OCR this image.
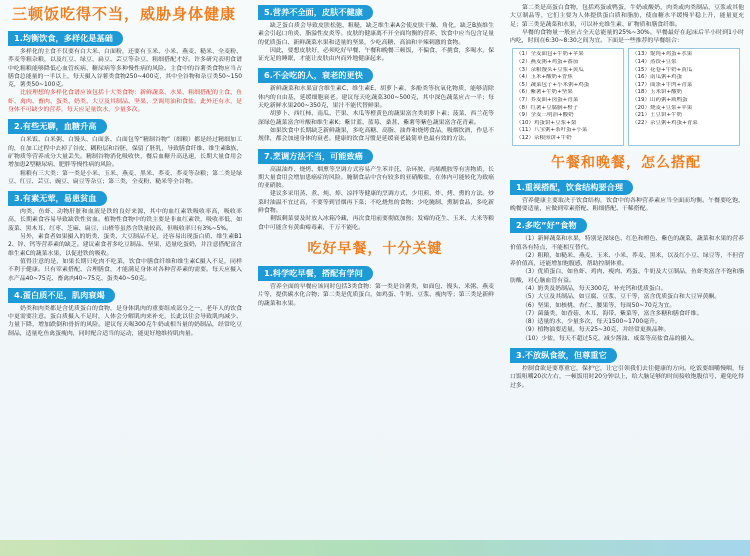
三顿饭吃得不当，威胁身体健康
1.均衡饮食，多样化是基础
多样化的主食不仅要有白大米、白面粉，还要有玉米、小米、燕麦、糙米、全麦粉、荞麦等粗杂粮，以及红豆、绿豆、扁豆、芸豆等杂豆，粗细搭配才好。许多研究表明食谱中吃粗粮能够降低心血管疾病、糖尿病等多种慢性病的风险。主食中的谷薯类食物应当占膳食总能量的一半以上，每天摄入谷薯类食物250~400克，其中全谷物和杂豆类50~150克，薯类50~100克。
比较理想的多样化食谱应该包括十大类食物：新鲜蔬菜、水果、粗细搭配的主食、鱼虾、禽肉、畜肉、蛋类、奶类、大豆及其制品、坚果、烹调用油和食盐。此外还有水，是身体不可缺少的营养，每天应足量饮水，少量多次。
2.有些无聊，血糖升高
白米饭、白米粥、白馒头、白面条、白面包等“精制谷物”（细粮）都是经过精细加工的，在加工过程中去掉了谷皮、糊粉层和谷胚，保留了胚乳，导致膳食纤维、维生素B族、矿物质等营养成分大量丢失。精制谷物消化吸收快，餐后血糖升高迅速，长期大量食用会增加患2型糖尿病、肥胖等慢性病的风险。
粗粮有三大类：第一类是小米、玉米、燕麦、黑米、荞麦、荞麦等杂粮；第二类是绿豆、红豆、芸豆、豌豆、扁豆等杂豆；第三类，全麦粉、糙米等全谷物。
3.有素无荤，易患贫血
肉类、鱼虾、动物肝脏和血液是铁的良好来源，其中的血红素铁吸收率高，吸收率高，长期素食容易导致缺铁性贫血。植物性食物中的铁主要是非血红素铁，吸收率低，如菠菜、黑木耳、红枣、芝麻、扁豆、山楂等虽然含铁量较高，但吸收率只有3%~5%。
另外，素食者如果摄入的奶类、蛋类、大豆制品不足，还容易出现蛋白质、维生素B12、锌、钙等营养素的缺乏。建议素食者多吃豆制品、坚果，适量吃蛋奶，并注意搭配富含维生素C的蔬菜水果，以促进铁的吸收。
值得注意的是，如果长期只吃肉不吃菜，饮食中膳食纤维和维生素C摄入不足，同样不利于健康。只有荤素搭配、合理膳食，才能满足身体对各种营养素的需要。每天应摄入水产品40~75克、畜禽肉40~75克、蛋类40~50克。
4.蛋白质不足，肌肉衰竭
奶类和肉类都是含优质蛋白的食物，是身体肌肉的重要组成部分之一，老年人的饮食中更需要注意。蛋白质摄入不足时，人体会分解肌肉来补充，长此以往会导致肌肉减少、力量下降，增加跌倒和骨折的风险。建议每天喝300克牛奶或相当量的奶制品，经常吃豆制品，适量吃鱼禽蛋瘦肉，同时配合适当的运动，能更好地维持肌肉量。
5.营养不全面，皮肤不健康
缺乏蛋白质会导致皮肤松弛、粗糙，缺乏维生素A会使皮肤干燥、角化，缺乏B族维生素会引起口角炎、脂溢性皮炎等。皮肤的健康离不开全面均衡的营养，饮食中应当包含足量的优质蛋白、新鲜蔬菜水果和适量的坚果，少吃高糖、高油和辛辣刺激的食物。
因此，要想皮肤好，必须吃好早餐、午餐和晚餐三顿饭，不偏食、不挑食，多喝水，保证充足的睡眠，才能让皮肤由内而外地健康起来。
6.不会吃的人，衰老的更快
新鲜蔬菜和水果富含维生素C、维生素E、胡萝卜素、多酚类等抗氧化物质，能够清除体内的自由基，延缓细胞衰老。建议每天吃蔬菜300~500克，其中深色蔬菜应占一半；每天吃新鲜水果200~350克，果汁不能代替鲜果。
胡萝卜、西红柿、南瓜、芒果、木瓜等橙黄色的蔬果富含类胡萝卜素；菠菜、西兰花等深绿色蔬菜富含叶酸和维生素K；紫甘蓝、蓝莓、桑葚、紫薯等紫色蔬果富含花青素。
如果饮食中长期缺乏新鲜蔬果，多吃高糖、高脂、油炸和烧烤食品，吸烟饮酒，作息不规律，都会加速身体的衰老。健康的饮食习惯是延缓衰老最简单也最有效的方法。
7.烹调方法不当，可能致癌
高温油炸、烧烤、烟熏等烹调方式容易产生苯并芘、杂环胺、丙烯酰胺等有害物质，长期大量食用会增加患癌症的风险。腌制食品中含有较多的亚硝酸盐，在体内可能转化为致癌的亚硝胺。
建议多采用蒸、煮、炖、焯、凉拌等健康的烹调方式，少用煎、炸、烤、熏的方法。炒菜时油温不宜过高，不要等到冒烟再下菜；不吃烧焦的食物；少吃腌制、熏制食品，多吃新鲜食物。
剩饭剩菜要及时放入冰箱冷藏，再次食用前要彻底加热；发霉的花生、玉米、大米等粮食中可能含有黄曲霉毒素，千万不能吃。
吃好早餐，十分关键
1.科学吃早餐，搭配有学问
营养全面的早餐应该同时包括3类食物：第一类是谷薯类，如面包、馒头、米粥、燕麦片等，提供碳水化合物；第二类是优质蛋白，如鸡蛋、牛奶、豆浆、瘦肉等；第三类是新鲜的蔬菜和水果。
第二类是高蛋白食物，包括鸡蛋或鸭蛋，牛奶或酸奶，肉类或肉类制品，豆浆或其他大豆制品等，它们主要为人体提供蛋白质和脂肪，使血糖水平缓慢平稳上升，能量更充足；第三类是蔬菜和水果，可以补充维生素、矿物质和膳食纤维。
早餐的食物量一般应占全天总能量的25%~30%。早餐最好在起床后半小时到1小时内吃，时间在6:30~8:30之间为宜。下面是一些推荐的早餐组合：
（1）全麦面包+牛奶+苹果
（2）燕麦粥+鸡蛋+番茄
（3）杂粮馒头+豆浆+黄瓜
（4）玉米+酸奶+香蕉
（5）蔬菜包子+小米粥+鸡蛋
（6）紫薯+牛奶+坚果
（7）荞麦面+卤蛋+青菜
（8）红薯+豆腐脑+橙子
（9）全麦三明治+酸奶
（10）鸡蛋饼+豆浆+梨
（11）八宝粥+茶叶蛋+小菜
（12）杂粮煎饼+牛奶
（13）馄饨+鸡蛋+水果
（14）蒸饺+豆浆
（15）花卷+牛奶+黄瓜
（16）南瓜粥+鸡蛋
（17）面条+牛肉+青菜
（18）玉米饼+酸奶
（19）山药粥+咸鸭蛋
（20）烧麦+豆浆+苹果
（21）土豆饼+牛奶
（22）杂豆粥+鸡蛋+青菜
午餐和晚餐，怎么搭配
1.重视搭配，饮食结构要合理
营养健康主要取决于饮食结构，饮食中的各种营养素应当全面而均衡。午餐要吃饱，晚餐要适量，应做到荤素搭配、粗细搭配、干稀搭配。
2.多吃“好”食物
（1）新鲜蔬菜和水果，特别是深绿色、红色和橙色、紫色的蔬菜，蔬菜和水果的营养价值各有特点，不能相互替代。
（2）粗粮，如糙米、燕麦、玉米、小米、荞麦、黑米，以及红小豆、绿豆等，不但营养价值高，还能增加饱腹感，帮助控制体重。
（3）优质蛋白，如鱼虾、鸡肉、瘦肉、鸡蛋、牛奶及大豆制品，鱼虾类富含不饱和脂肪酸，对心脑血管有益。
（4）奶类及奶制品，每天300克，补充钙和优质蛋白。
（5）大豆及其制品，如豆腐、豆浆、豆干等，富含优质蛋白和大豆异黄酮。
（6）坚果，如核桃、杏仁、腰果等，每周50~70克为宜。
（7）菌藻类，如香菇、木耳、海带、紫菜等，富含多糖和膳食纤维。
（8）适量的水，少量多次，每天1500~1700毫升。
（9）植物油要适量，每天25~30克，并经常更换品种。
（10）少盐，每天不超过5克，减少酱油、咸菜等高盐食品的摄入。
3.不放纵食欲，但尊重它
控制食欲是要尊重它，保护它，让它引领我们去往健康的方向。吃饭要细嚼慢咽，每口饭咀嚼20次左右，一顿饭用时20分钟以上，给大脑足够的时间接收饱腹信号，避免吃得过多。
